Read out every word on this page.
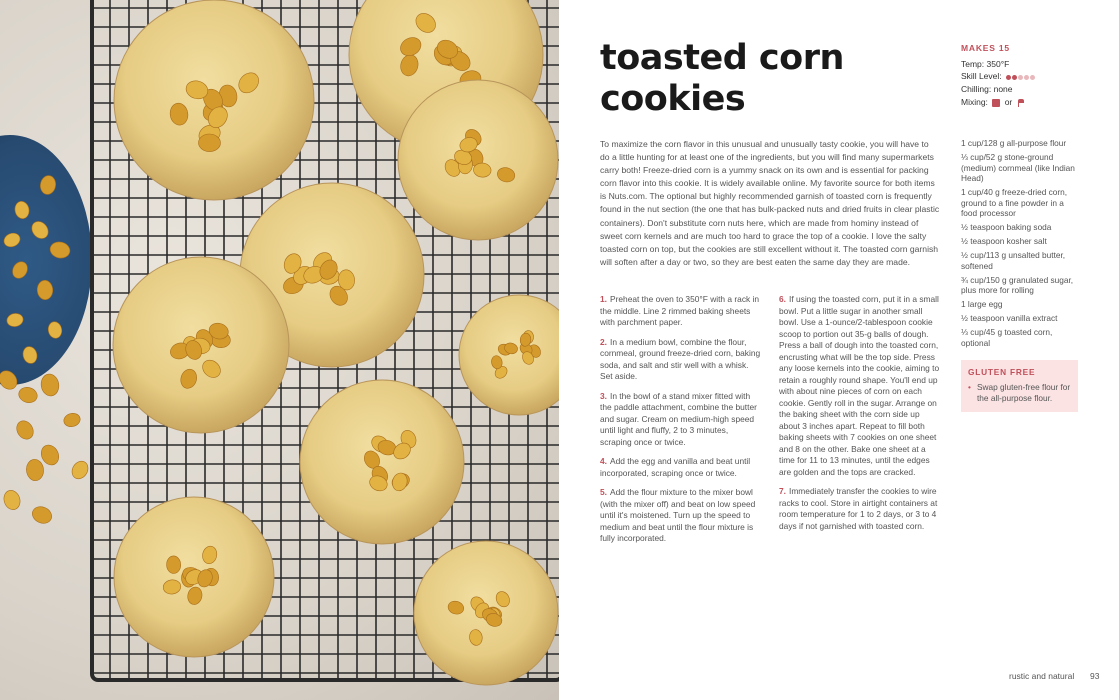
toasted corn cookies
MAKES 15
Temp: 350°F
Skill Level:
Chilling: none
Mixing: or

To maximize the corn flavor in this unusual and unusually tasty cookie, you will have to do a little hunting for at least one of the ingredients, but you will find many supermarkets carry both! Freeze-dried corn is a yummy snack on its own and is essential for packing corn flavor into this cookie. It is widely available online. My favorite source for both items is Nuts.com. The optional but highly recommended garnish of toasted corn is frequently found in the nut section (the one that has bulk-packed nuts and dried fruits in clear plastic containers). Don't substitute corn nuts here, which are made from hominy instead of sweet corn kernels and are much too hard to grace the top of a cookie. I love the salty toasted corn on top, but the cookies are still excellent without it. The toasted corn garnish will soften after a day or two, so they are best eaten the same day they are made.

1. Preheat the oven to 350°F with a rack in the middle. Line 2 rimmed baking sheets with parchment paper.

2. In a medium bowl, combine the flour, cornmeal, ground freeze-dried corn, baking soda, and salt and stir well with a whisk. Set aside.

3. In the bowl of a stand mixer fitted with the paddle attachment, combine the butter and sugar. Cream on medium-high speed until light and fluffy, 2 to 3 minutes, scraping once or twice.

4. Add the egg and vanilla and beat until incorporated, scraping once or twice.

5. Add the flour mixture to the mixer bowl (with the mixer off) and beat on low speed until it's moistened. Turn up the speed to medium and beat until the flour mixture is fully incorporated.

6. If using the toasted corn, put it in a small bowl. Put a little sugar in another small bowl. Use a 1-ounce/2-tablespoon cookie scoop to portion out 35-g balls of dough. Press a ball of dough into the toasted corn, encrusting what will be the top side. Press any loose kernels into the cookie, aiming to retain a roughly round shape. You'll end up with about nine pieces of corn on each cookie. Gently roll in the sugar. Arrange on the baking sheet with the corn side up about 3 inches apart. Repeat to fill both baking sheets with 7 cookies on one sheet and 8 on the other. Bake one sheet at a time for 11 to 13 minutes, until the edges are golden and the tops are cracked.

7. Immediately transfer the cookies to wire racks to cool. Store in airtight containers at room temperature for 1 to 2 days, or 3 to 4 days if not garnished with toasted corn.

1 cup/128 g all-purpose flour
⅓ cup/52 g stone-ground (medium) cornmeal (like Indian Head)
1 cup/40 g freeze-dried corn, ground to a fine powder in a food processor
½ teaspoon baking soda
½ teaspoon kosher salt
½ cup/113 g unsalted butter, softened
¾ cup/150 g granulated sugar, plus more for rolling
1 large egg
½ teaspoon vanilla extract
⅓ cup/45 g toasted corn, optional
GLUTEN FREE
• Swap gluten-free flour for the all-purpose flour.
rustic and natural 93
